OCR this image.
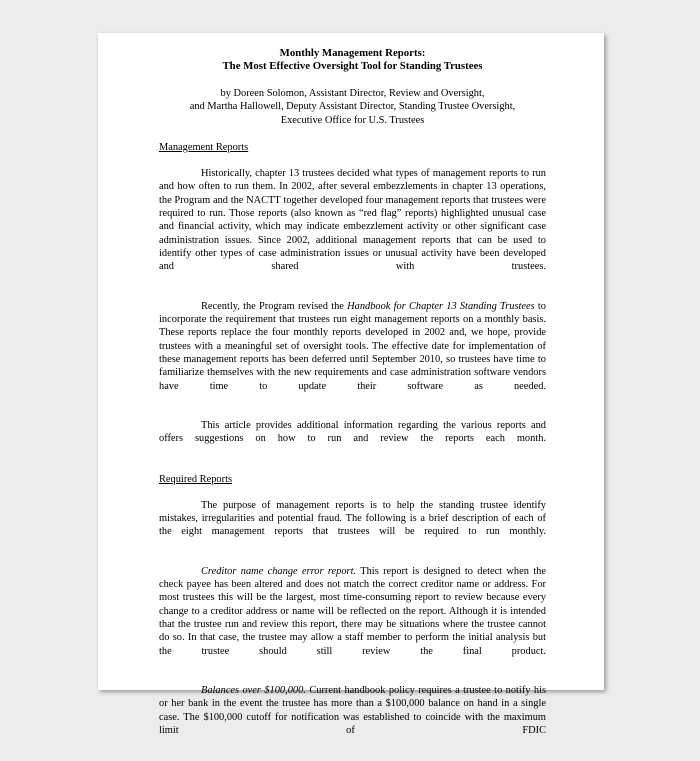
Monthly Management Reports:
The Most Effective Oversight Tool for Standing Trustees
by Doreen Solomon, Assistant Director, Review and Oversight,
and Martha Hallowell, Deputy Assistant Director, Standing Trustee Oversight,
Executive Office for U.S. Trustees
Management Reports

Historically, chapter 13 trustees decided what types of management reports to run and how often to run them. In 2002, after several embezzlements in chapter 13 operations, the Program and the NACTT together developed four management reports that trustees were required to run. Those reports (also known as “red flag” reports) highlighted unusual case and financial activity, which may indicate embezzlement activity or other significant case administration issues. Since 2002, additional management reports that can be used to identify other types of case administration issues or unusual activity have been developed and shared with trustees.

Recently, the Program revised the Handbook for Chapter 13 Standing Trustees to incorporate the requirement that trustees run eight management reports on a monthly basis. These reports replace the four monthly reports developed in 2002 and, we hope, provide trustees with a meaningful set of oversight tools. The effective date for implementation of these management reports has been deferred until September 2010, so trustees have time to familiarize themselves with the new requirements and case administration software vendors have time to update their software as needed.

This article provides additional information regarding the various reports and offers suggestions on how to run and review the reports each month.

Required Reports

The purpose of management reports is to help the standing trustee identify mistakes, irregularities and potential fraud. The following is a brief description of each of the eight management reports that trustees will be required to run monthly.

Creditor name change error report. This report is designed to detect when the check payee has been altered and does not match the correct creditor name or address. For most trustees this will be the largest, most time-consuming report to review because every change to a creditor address or name will be reflected on the report. Although it is intended that the trustee run and review this report, there may be situations where the trustee cannot do so. In that case, the trustee may allow a staff member to perform the initial analysis but the trustee should still review the final product.

Balances over $100,000. Current handbook policy requires a trustee to notify his or her bank in the event the trustee has more than a $100,000 balance on hand in a single case. The $100,000 cutoff for notification was established to coincide with the maximum limit of FDIC
